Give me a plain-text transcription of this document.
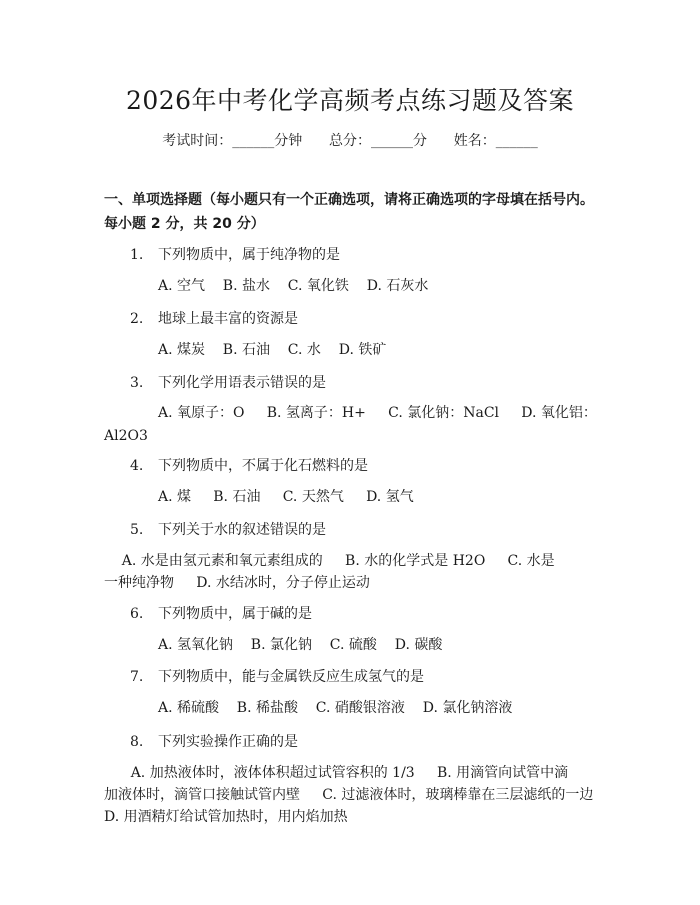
2026年中考化学高频考点练习题及答案
考试时间：______分钟      总分：______分      姓名：______
一、单项选择题（每小题只有一个正确选项，请将正确选项的字母填在括号内。
每小题 2 分，共 20 分）
1. 下列物质中，属于纯净物的是
A. 空气    B. 盐水    C. 氧化铁    D. 石灰水
2. 地球上最丰富的资源是
A. 煤炭    B. 石油    C. 水    D. 铁矿
3. 下列化学用语表示错误的是
A. 氧原子：O     B. 氢离子：H+     C. 氯化钠：NaCl     D. 氧化铝：
Al2O3
4. 下列物质中，不属于化石燃料的是
A. 煤     B. 石油     C. 天然气     D. 氢气
5. 下列关于水的叙述错误的是
A. 水是由氢元素和氧元素组成的     B. 水的化学式是 H2O     C. 水是
一种纯净物     D. 水结冰时，分子停止运动
6. 下列物质中，属于碱的是
A. 氢氧化钠    B. 氯化钠    C. 硫酸    D. 碳酸
7. 下列物质中，能与金属铁反应生成氢气的是
A. 稀硫酸    B. 稀盐酸    C. 硝酸银溶液    D. 氯化钠溶液
8. 下列实验操作正确的是
A. 加热液体时，液体体积超过试管容积的 1/3     B. 用滴管向试管中滴
加液体时，滴管口接触试管内壁     C. 过滤液体时，玻璃棒靠在三层滤纸的一边
D. 用酒精灯给试管加热时，用内焰加热
